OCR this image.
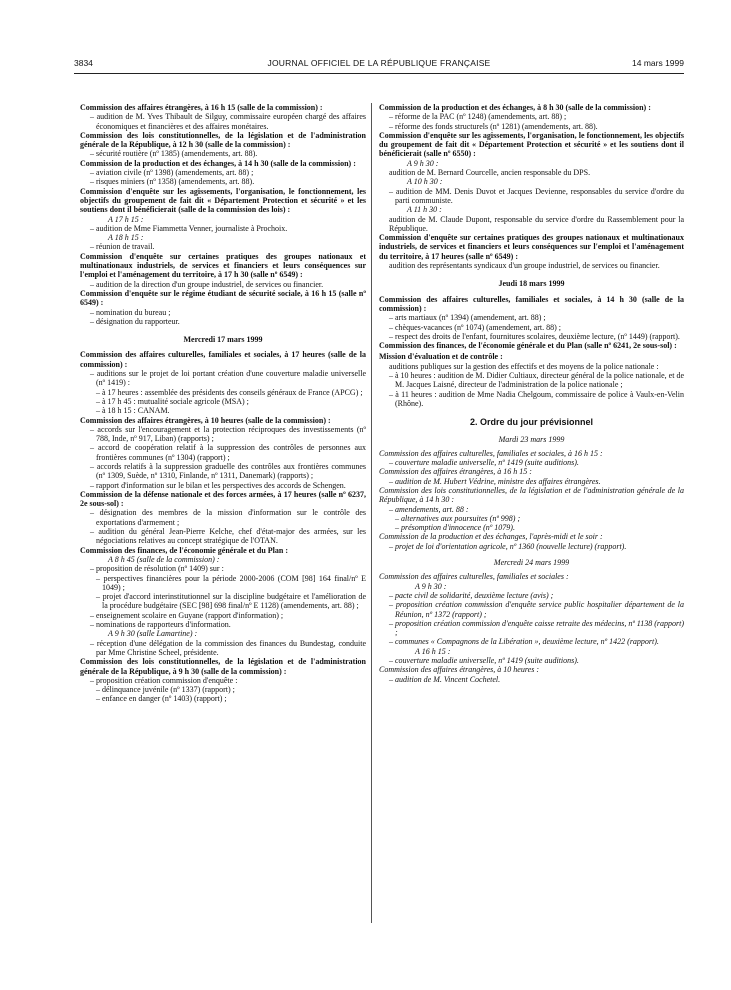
3834	JOURNAL OFFICIEL DE LA RÉPUBLIQUE FRANÇAISE	14 mars 1999

Commission des affaires étrangères, à 16 h 15 (salle de la commission) :

– audition de M. Yves Thibault de Silguy, commissaire européen chargé des affaires économiques et financières et des affaires monétaires.

Commission des lois constitutionnelles, de la législation et de l'administration générale de la République, à 12 h 30 (salle de la commission) :

– sécurité routière (nº 1385) (amendements, art. 88).

Commission de la production et des échanges, à 14 h 30 (salle de la commission) :

– aviation civile (nº 1398) (amendements, art. 88) ;

– risques miniers (nº 1358) (amendements, art. 88).

Commission d'enquête sur les agissements, l'organisation, le fonctionnement, les objectifs du groupement de fait dit « Département Protection et sécurité » et les soutiens dont il bénéficierait (salle de la commission des lois) :

A 17 h 15 :

– audition de Mme Fiammetta Venner, journaliste à Prochoix.

A 18 h 15 :

– réunion de travail.

Commission d'enquête sur certaines pratiques des groupes nationaux et multinationaux industriels, de services et financiers et leurs conséquences sur l'emploi et l'aménagement du territoire, à 17 h 30 (salle nº 6549) :

– audition de la direction d'un groupe industriel, de services ou financier.

Commission d'enquête sur le régime étudiant de sécurité sociale, à 16 h 15 (salle nº 6549) :

– nomination du bureau ;

– désignation du rapporteur.

Mercredi 17 mars 1999

Commission des affaires culturelles, familiales et sociales, à 17 heures (salle de la commission) :

– auditions sur le projet de loi portant création d'une couverture maladie universelle (nº 1419) :

– à 17 heures : assemblée des présidents des conseils généraux de France (APCG) ;

– à 17 h 45 : mutualité sociale agricole (MSA) ;

– à 18 h 15 : CANAM.

Commission des affaires étrangères, à 10 heures (salle de la commission) :

– accords sur l'encouragement et la protection réciproques des investissements (nº 788, Inde, nº 917, Liban) (rapports) ;

– accord de coopération relatif à la suppression des contrôles de personnes aux frontières communes (nº 1304) (rapport) ;

– accords relatifs à la suppression graduelle des contrôles aux frontières communes (nº 1309, Suède, nº 1310, Finlande, nº 1311, Danemark) (rapports) ;

– rapport d'information sur le bilan et les perspectives des accords de Schengen.

Commission de la défense nationale et des forces armées, à 17 heures (salle nº 6237, 2e sous-sol) :

– désignation des membres de la mission d'information sur le contrôle des exportations d'armement ;

– audition du général Jean-Pierre Kelche, chef d'état-major des armées, sur les négociations relatives au concept stratégique de l'OTAN.

Commission des finances, de l'économie générale et du Plan :

A 8 h 45 (salle de la commission) :

– proposition de résolution (nº 1409) sur :

– perspectives financières pour la période 2000-2006 (COM [98] 164 final/nº E 1049) ;

– projet d'accord interinstitutionnel sur la discipline budgétaire et l'amélioration de la procédure budgétaire (SEC [98] 698 final/nº E 1128) (amendements, art. 88) ;

– enseignement scolaire en Guyane (rapport d'information) ;

– nominations de rapporteurs d'information.

A 9 h 30 (salle Lamartine) :

– réception d'une délégation de la commission des finances du Bundestag, conduite par Mme Christine Scheel, présidente.

Commission des lois constitutionnelles, de la législation et de l'administration générale de la République, à 9 h 30 (salle de la commission) :

– proposition création commission d'enquête :

– délinquance juvénile (nº 1337) (rapport) ;

– enfance en danger (nº 1403) (rapport) ;

Commission de la production et des échanges, à 8 h 30 (salle de la commission) :

– réforme de la PAC (nº 1248) (amendements, art. 88) ;

– réforme des fonds structurels (nº 1281) (amendements, art. 88).

Commission d'enquête sur les agissements, l'organisation, le fonctionnement, les objectifs du groupement de fait dit « Département Protection et sécurité » et les soutiens dont il bénéficierait (salle nº 6550) :

A 9 h 30 :

audition de M. Bernard Courcelle, ancien responsable du DPS.

A 10 h 30 :

– audition de MM. Denis Duvot et Jacques Devienne, responsables du service d'ordre du parti communiste.

A 11 h 30 :

audition de M. Claude Dupont, responsable du service d'ordre du Rassemblement pour la République.

Commission d'enquête sur certaines pratiques des groupes nationaux et multinationaux industriels, de services et financiers et leurs conséquences sur l'emploi et l'aménagement du territoire, à 17 heures (salle nº 6549) :

audition des représentants syndicaux d'un groupe industriel, de services ou financier.

Jeudi 18 mars 1999

Commission des affaires culturelles, familiales et sociales, à 14 h 30 (salle de la commission) :

– arts martiaux (nº 1394) (amendement, art. 88) ;

– chèques-vacances (nº 1074) (amendement, art. 88) ;

– respect des droits de l'enfant, fournitures scolaires, deuxième lecture, (nº 1449) (rapport).

Commission des finances, de l'économie générale et du Plan (salle nº 6241, 2e sous-sol) :

Mission d'évaluation et de contrôle :

auditions publiques sur la gestion des effectifs et des moyens de la police nationale :

– à 10 heures : audition de M. Didier Cultiaux, directeur général de la police nationale, et de M. Jacques Laisné, directeur de l'administration de la police nationale ;

– à 11 heures : audition de Mme Nadia Chelgoum, commissaire de police à Vaulx-en-Velin (Rhône).

2. Ordre du jour prévisionnel

Mardi 23 mars 1999

Commission des affaires culturelles, familiales et sociales, à 16 h 15 :

– couverture maladie universelle, nº 1419 (suite auditions).

Commission des affaires étrangères, à 16 h 15 :

– audition de M. Hubert Védrine, ministre des affaires étrangères.

Commission des lois constitutionnelles, de la législation et de l'administration générale de la République, à 14 h 30 :

– amendements, art. 88 :

– alternatives aux poursuites (nº 998) ;

– présomption d'innocence (nº 1079).

Commission de la production et des échanges, l'après-midi et le soir :

– projet de loi d'orientation agricole, nº 1360 (nouvelle lecture) (rapport).

Mercredi 24 mars 1999

Commission des affaires culturelles, familiales et sociales :

A 9 h 30 :

– pacte civil de solidarité, deuxième lecture (avis) ;

– proposition création commission d'enquête service public hospitalier département de la Réunion, nº 1372 (rapport) ;

– proposition création commission d'enquête caisse retraite des médecins, nº 1138 (rapport) ;

– communes « Compagnons de la Libération », deuxième lecture, nº 1422 (rapport).

A 16 h 15 :

– couverture maladie universelle, nº 1419 (suite auditions).

Commission des affaires étrangères, à 10 heures :

– audition de M. Vincent Cochetel.
